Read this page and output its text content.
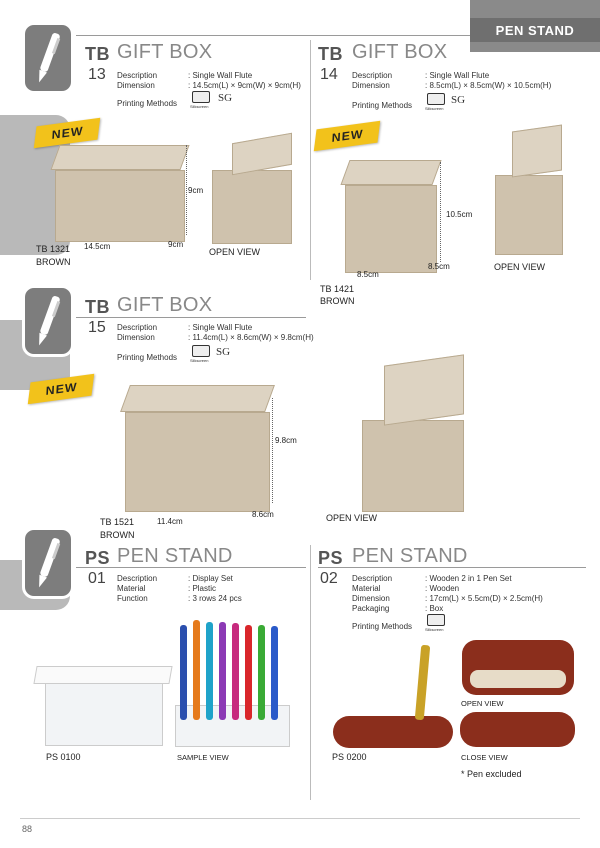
PEN STAND
TB GIFT BOX
13 Description	: Single Wall Flute
Dimension	: 14.5cm(L) × 9cm(W) × 9cm(H)
Printing Methods	Silkscreen
SG
NEW
9cm
9cm
14.5cm
TB 1321
BROWN
OPEN VIEW
TB GIFT BOX
14 Description	: Single Wall Flute
Dimension	: 8.5cm(L) × 8.5cm(W) × 10.5cm(H)
Printing Methods	Silkscreen
SG
NEW
10.5cm
8.5cm
8.5cm
TB 1421
BROWN
OPEN VIEW
TB GIFT BOX
15 Description	: Single Wall Flute
Dimension	: 11.4cm(L) × 8.6cm(W) × 9.8cm(H)
Printing Methods	Silkscreen
SG
NEW
9.8cm
8.6cm
11.4cm
TB 1521
BROWN
OPEN VIEW
PS PEN STAND
01 Description	: Display Set
Material	: Plastic
Function	: 3 rows 24 pcs
PS 0100	SAMPLE VIEW
PS PEN STAND
02 Description	: Wooden 2 in 1 Pen Set
Material	: Wooden
Dimension	: 17cm(L) × 5.5cm(D) × 2.5cm(H)
Packaging	: Box
Printing Methods	Silkscreen
PS 0200
OPEN VIEW
CLOSE VIEW
* Pen excluded
88
